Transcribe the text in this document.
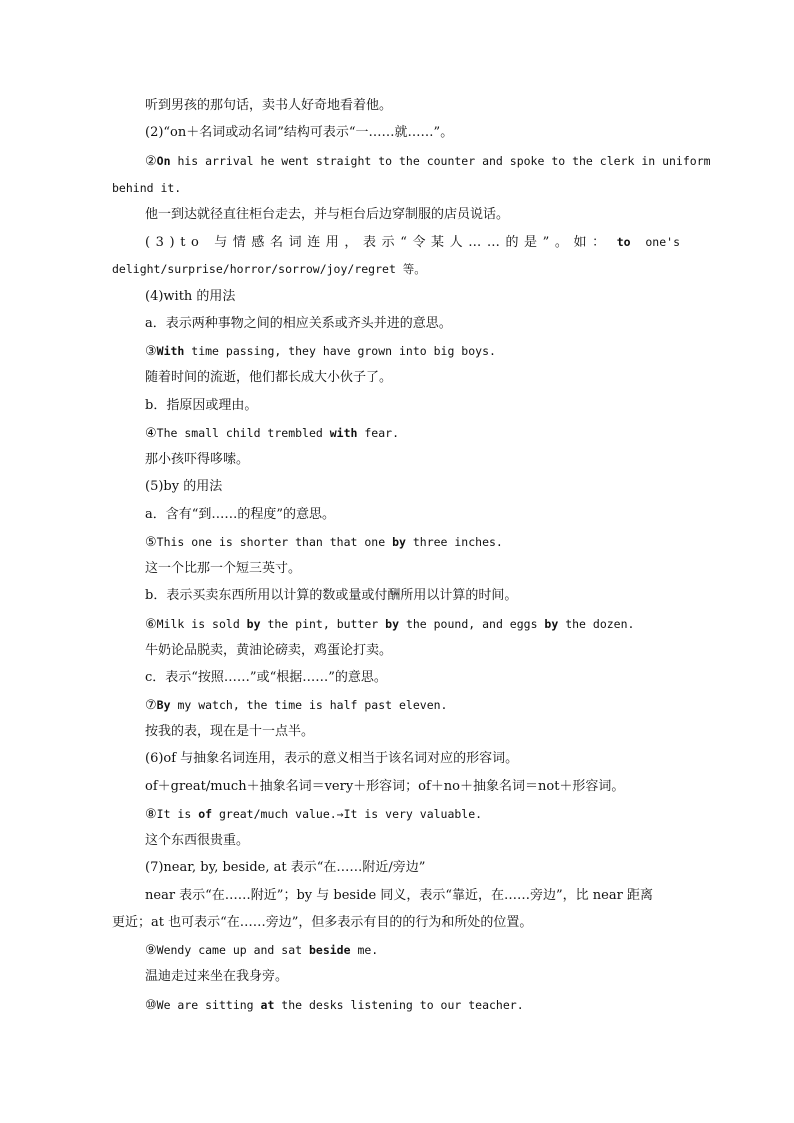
听到男孩的那句话，卖书人好奇地看着他。
(2)“on＋名词或动名词”结构可表示“一……就……”。
②On his arrival he went straight to the counter and spoke to the clerk in uniform
behind it.
他一到达就径直往柜台走去，并与柜台后边穿制服的店员说话。
(3)to 与情感名词连用，表示“令某人……的是”。如： to one's
delight/surprise/horror/sorrow/joy/regret 等。
(4)with 的用法
a．表示两种事物之间的相应关系或齐头并进的意思。
③With time passing, they have grown into big boys.
随着时间的流逝，他们都长成大小伙子了。
b．指原因或理由。
④The small child trembled with fear.
那小孩吓得哆嗦。
(5)by 的用法
a．含有“到……的程度”的意思。
⑤This one is shorter than that one by three inches.
这一个比那一个短三英寸。
b．表示买卖东西所用以计算的数或量或付酬所用以计算的时间。
⑥Milk is sold by the pint, butter by the pound, and eggs by the dozen.
牛奶论品脱卖，黄油论磅卖，鸡蛋论打卖。
c．表示“按照……”或“根据……”的意思。
⑦By my watch, the time is half past eleven.
按我的表，现在是十一点半。
(6)of 与抽象名词连用，表示的意义相当于该名词对应的形容词。
of＋great/much＋抽象名词＝very＋形容词；of＋no＋抽象名词＝not＋形容词。
⑧It is of great/much value.→It is very valuable.
这个东西很贵重。
(7)near, by, beside, at 表示“在……附近/旁边”
near 表示“在……附近”；by 与 beside 同义，表示“靠近，在……旁边”，比 near 距离
更近；at 也可表示“在……旁边”，但多表示有目的的行为和所处的位置。
⑨Wendy came up and sat beside me.
温迪走过来坐在我身旁。
⑩We are sitting at the desks listening to our teacher.
